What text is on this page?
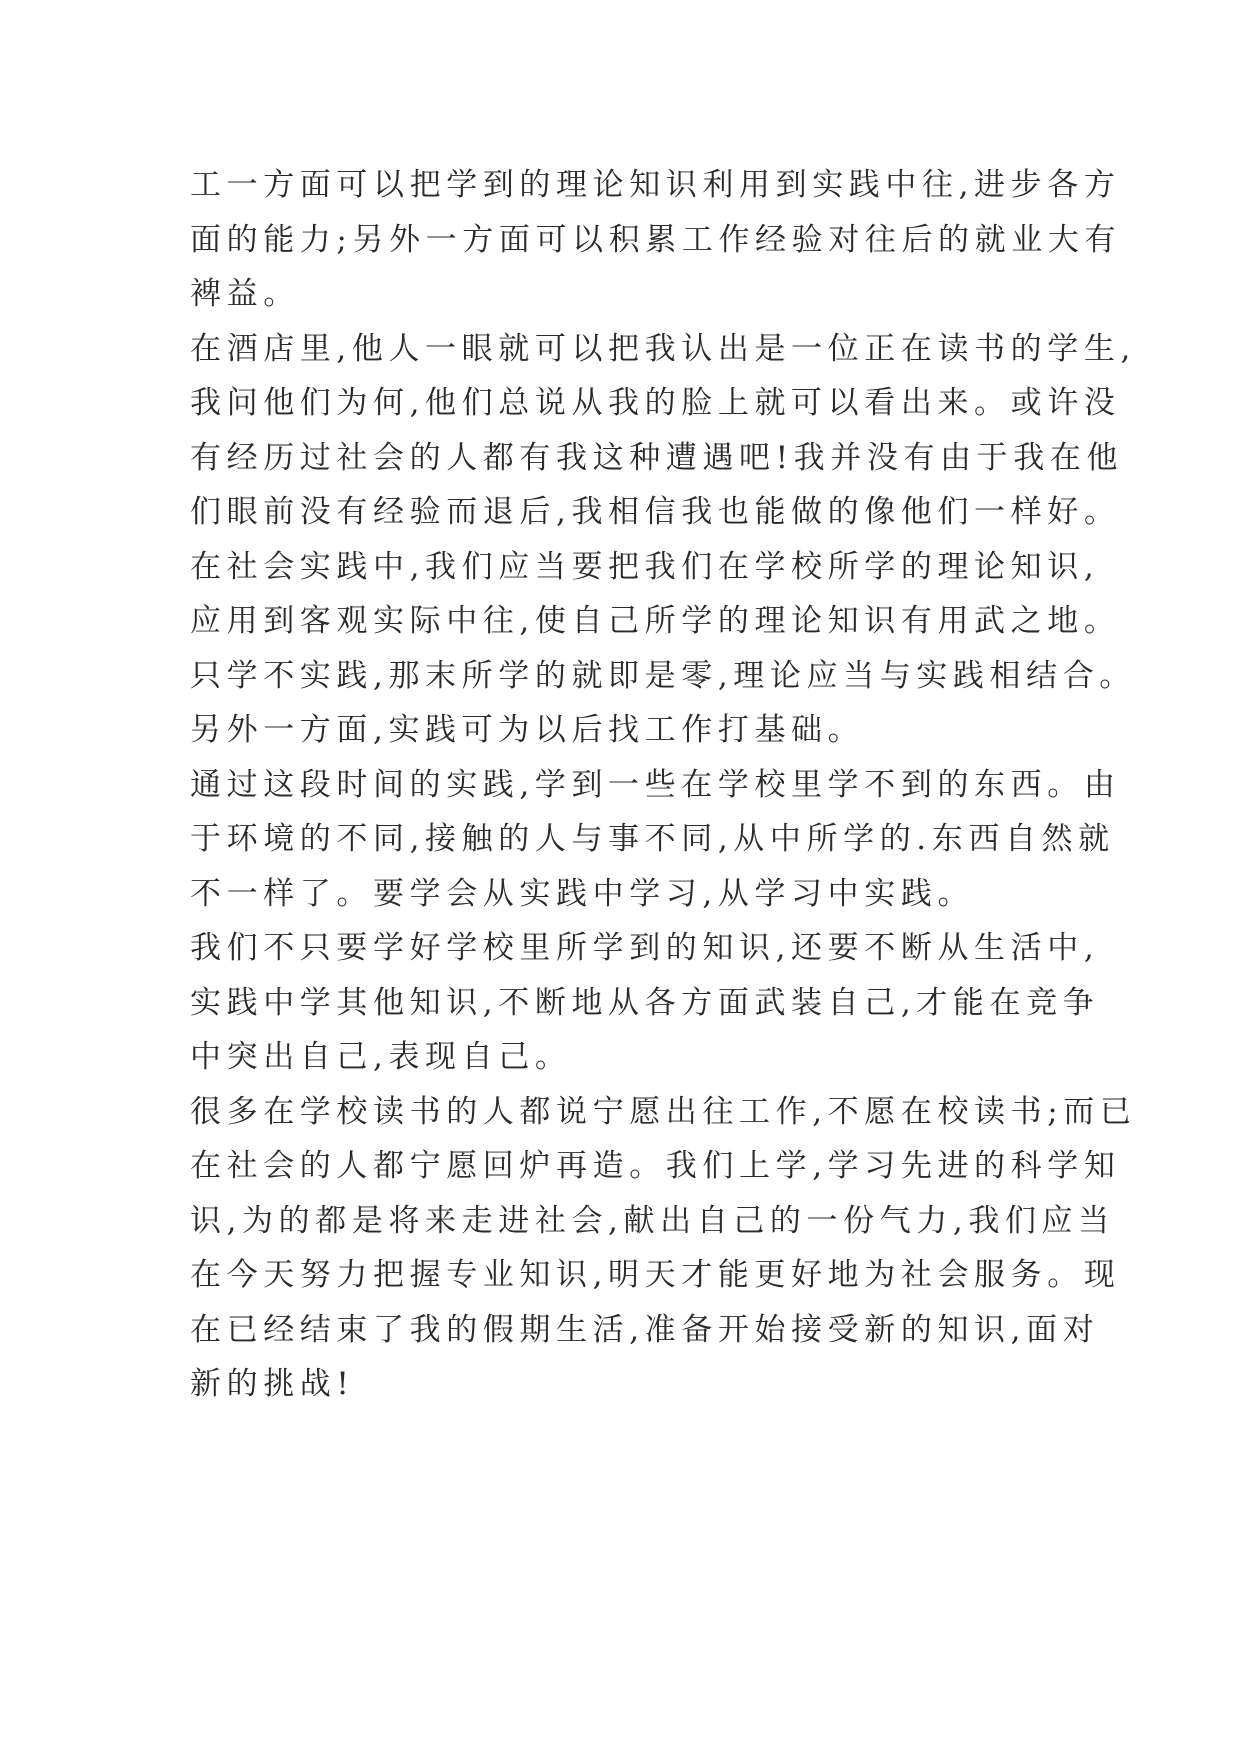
工一方面可以把学到的理论知识利用到实践中往,进步各方
面的能力;另外一方面可以积累工作经验对往后的就业大有
裨益。
在酒店里,他人一眼就可以把我认出是一位正在读书的学生,
我问他们为何,他们总说从我的脸上就可以看出来。或许没
有经历过社会的人都有我这种遭遇吧!我并没有由于我在他
们眼前没有经验而退后,我相信我也能做的像他们一样好。
在社会实践中,我们应当要把我们在学校所学的理论知识,
应用到客观实际中往,使自己所学的理论知识有用武之地。
只学不实践,那末所学的就即是零,理论应当与实践相结合。
另外一方面,实践可为以后找工作打基础。
通过这段时间的实践,学到一些在学校里学不到的东西。由
于环境的不同,接触的人与事不同,从中所学的.东西自然就
不一样了。要学会从实践中学习,从学习中实践。
我们不只要学好学校里所学到的知识,还要不断从生活中,
实践中学其他知识,不断地从各方面武装自己,才能在竞争
中突出自己,表现自己。
很多在学校读书的人都说宁愿出往工作,不愿在校读书;而已
在社会的人都宁愿回炉再造。我们上学,学习先进的科学知
识,为的都是将来走进社会,献出自己的一份气力,我们应当
在今天努力把握专业知识,明天才能更好地为社会服务。现
在已经结束了我的假期生活,准备开始接受新的知识,面对
新的挑战!
